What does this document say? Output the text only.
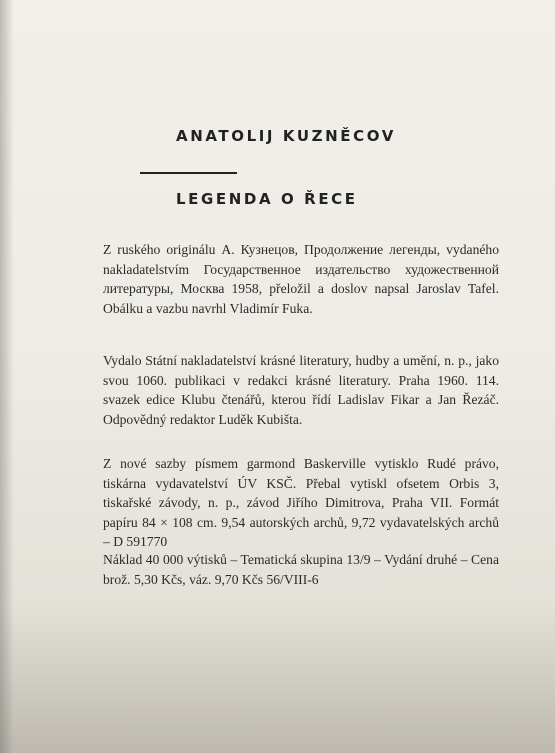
ANATOLIJ KUZNĚCOV
LEGENDA O ŘECE
Z ruského originálu А. Кузнецов, Продолжение легенды, vydaného nakladatelstvím Государственное издательство художественной литературы, Москва 1958, přeložil a doslov napsal Jaroslav Tafel. Obálku a vazbu navrhl Vladimír Fuka.
Vydalo Státní nakladatelství krásné literatury, hudby a umění, n. p., jako svou 1060. publikaci v redakci krásné literatury. Praha 1960. 114. svazek edice Klubu čtenářů, kterou řídí Ladislav Fikar a Jan Řezáč. Odpovědný redaktor Luděk Kubišta.
Z nové sazby písmem garmond Baskerville vytisklo Rudé právo, tiskárna vydavatelství ÚV KSČ. Přebal vytiskl ofsetem Orbis 3, tiskařské závody, n. p., závod Jiřího Dimitrova, Praha VII. Formát papíru 84 × 108 cm. 9,54 autorských archů, 9,72 vydavatelských archů – D 591770
Náklad 40 000 výtisků – Tematická skupina 13/9 – Vydání druhé – Cena brož. 5,30 Kčs, váz. 9,70 Kčs 56/VIII-6
